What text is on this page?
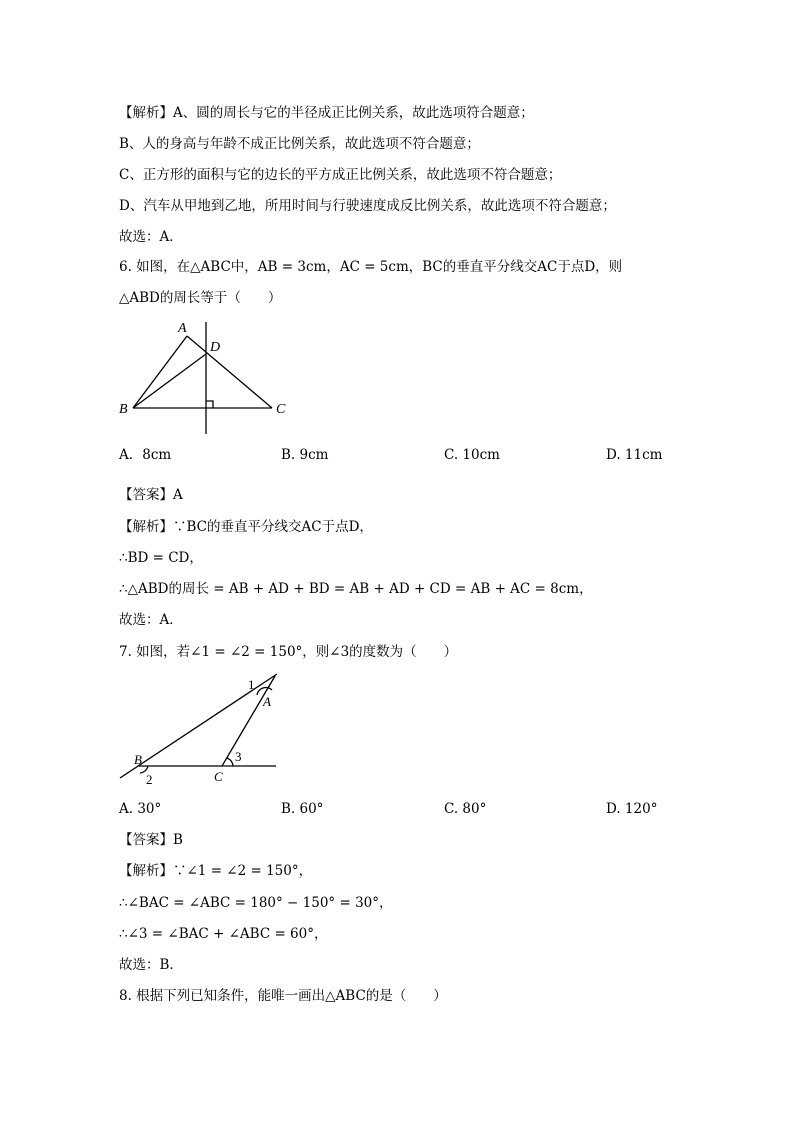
【解析】A、圆的周长与它的半径成正比例关系，故此选项符合题意；
B、人的身高与年龄不成正比例关系，故此选项不符合题意；
C、正方形的面积与它的边长的平方成正比例关系，故此选项不符合题意；
D、汽车从甲地到乙地，所用时间与行驶速度成反比例关系，故此选项不符合题意；
故选：A．
6. 如图，在△ABC中，AB = 3cm，AC = 5cm，BC的垂直平分线交AC于点D，则
△ABD的周长等于（　　）
A
D
B	C
A．8cm	B. 9cm	C. 10cm	D. 11cm
【答案】A
【解析】∵BC的垂直平分线交AC于点D，
∴BD = CD，
∴△ABD的周长 = AB + AD + BD = AB + AD + CD = AB + AC = 8cm，
故选：A．
7. 如图，若∠1 = ∠2 = 150°，则∠3的度数为（　　）
A
B
C
1
2
3
A. 30°	B. 60°	C. 80°	D. 120°
【答案】B
【解析】∵∠1 = ∠2 = 150°，
∴∠BAC = ∠ABC = 180° − 150° = 30°，
∴∠3 = ∠BAC + ∠ABC = 60°，
故选：B．
8. 根据下列已知条件，能唯一画出△ABC的是（　　）
